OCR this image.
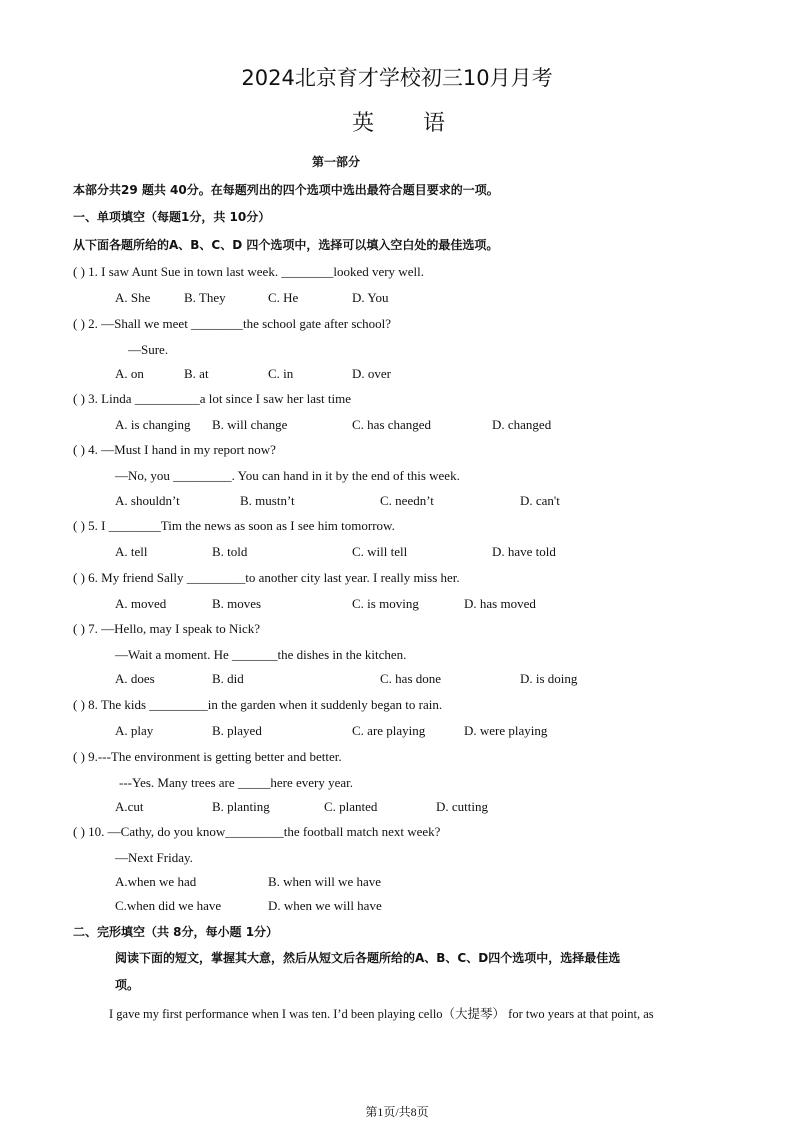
2024北京育才学校初三10月月考
英 语
第一部分
本部分共29 题共 40分。在每题列出的四个选项中选出最符合题目要求的一项。
一、单项填空（每题1分，共 10分）
从下面各题所给的A、B、C、D 四个选项中，选择可以填入空白处的最佳选项。
( ) 1. I saw Aunt Sue in town last week. ________looked very well.
A. She	B. They	C. He	D. You
( ) 2. —Shall we meet ________the school gate after school?
—Sure.
A. on	B. at	C. in	D. over
( ) 3. Linda __________a lot since I saw her last time
A. is changing B. will change	C. has changed	D. changed
( ) 4. —Must I hand in my report now?
—No, you _________. You can hand in it by the end of this week.
A. shouldn’t	B. mustn’t	C. needn’t	D. can't
( ) 5. I ________Tim the news as soon as I see him tomorrow.
A. tell	B. told	C. will tell	D. have told
( ) 6. My friend Sally _________to another city last year. I really miss her.
A. moved	B. moves	C. is moving	D. has moved
( ) 7. —Hello, may I speak to Nick?
—Wait a moment. He _______the dishes in the kitchen.
A. does	B. did	C. has done	D. is doing
( ) 8. The kids _________in the garden when it suddenly began to rain.
A. play	B. played	C. are playing	D. were playing
( ) 9.---The environment is getting better and better.
---Yes. Many trees are _____here every year.
A.cut	B. planting	C. planted	D. cutting
( ) 10. —Cathy, do you know_________the football match next week?
—Next Friday.
A.when we had	B. when will we have
C.when did we have	D. when we will have
二、完形填空（共 8分，每小题 1分）
阅读下面的短文，掌握其大意，然后从短文后各题所给的A、B、C、D四个选项中，选择最佳选
项。
I gave my first performance when I was ten. I’d been playing cello（大提琴） for two years at that point, as
第1页/共8页
